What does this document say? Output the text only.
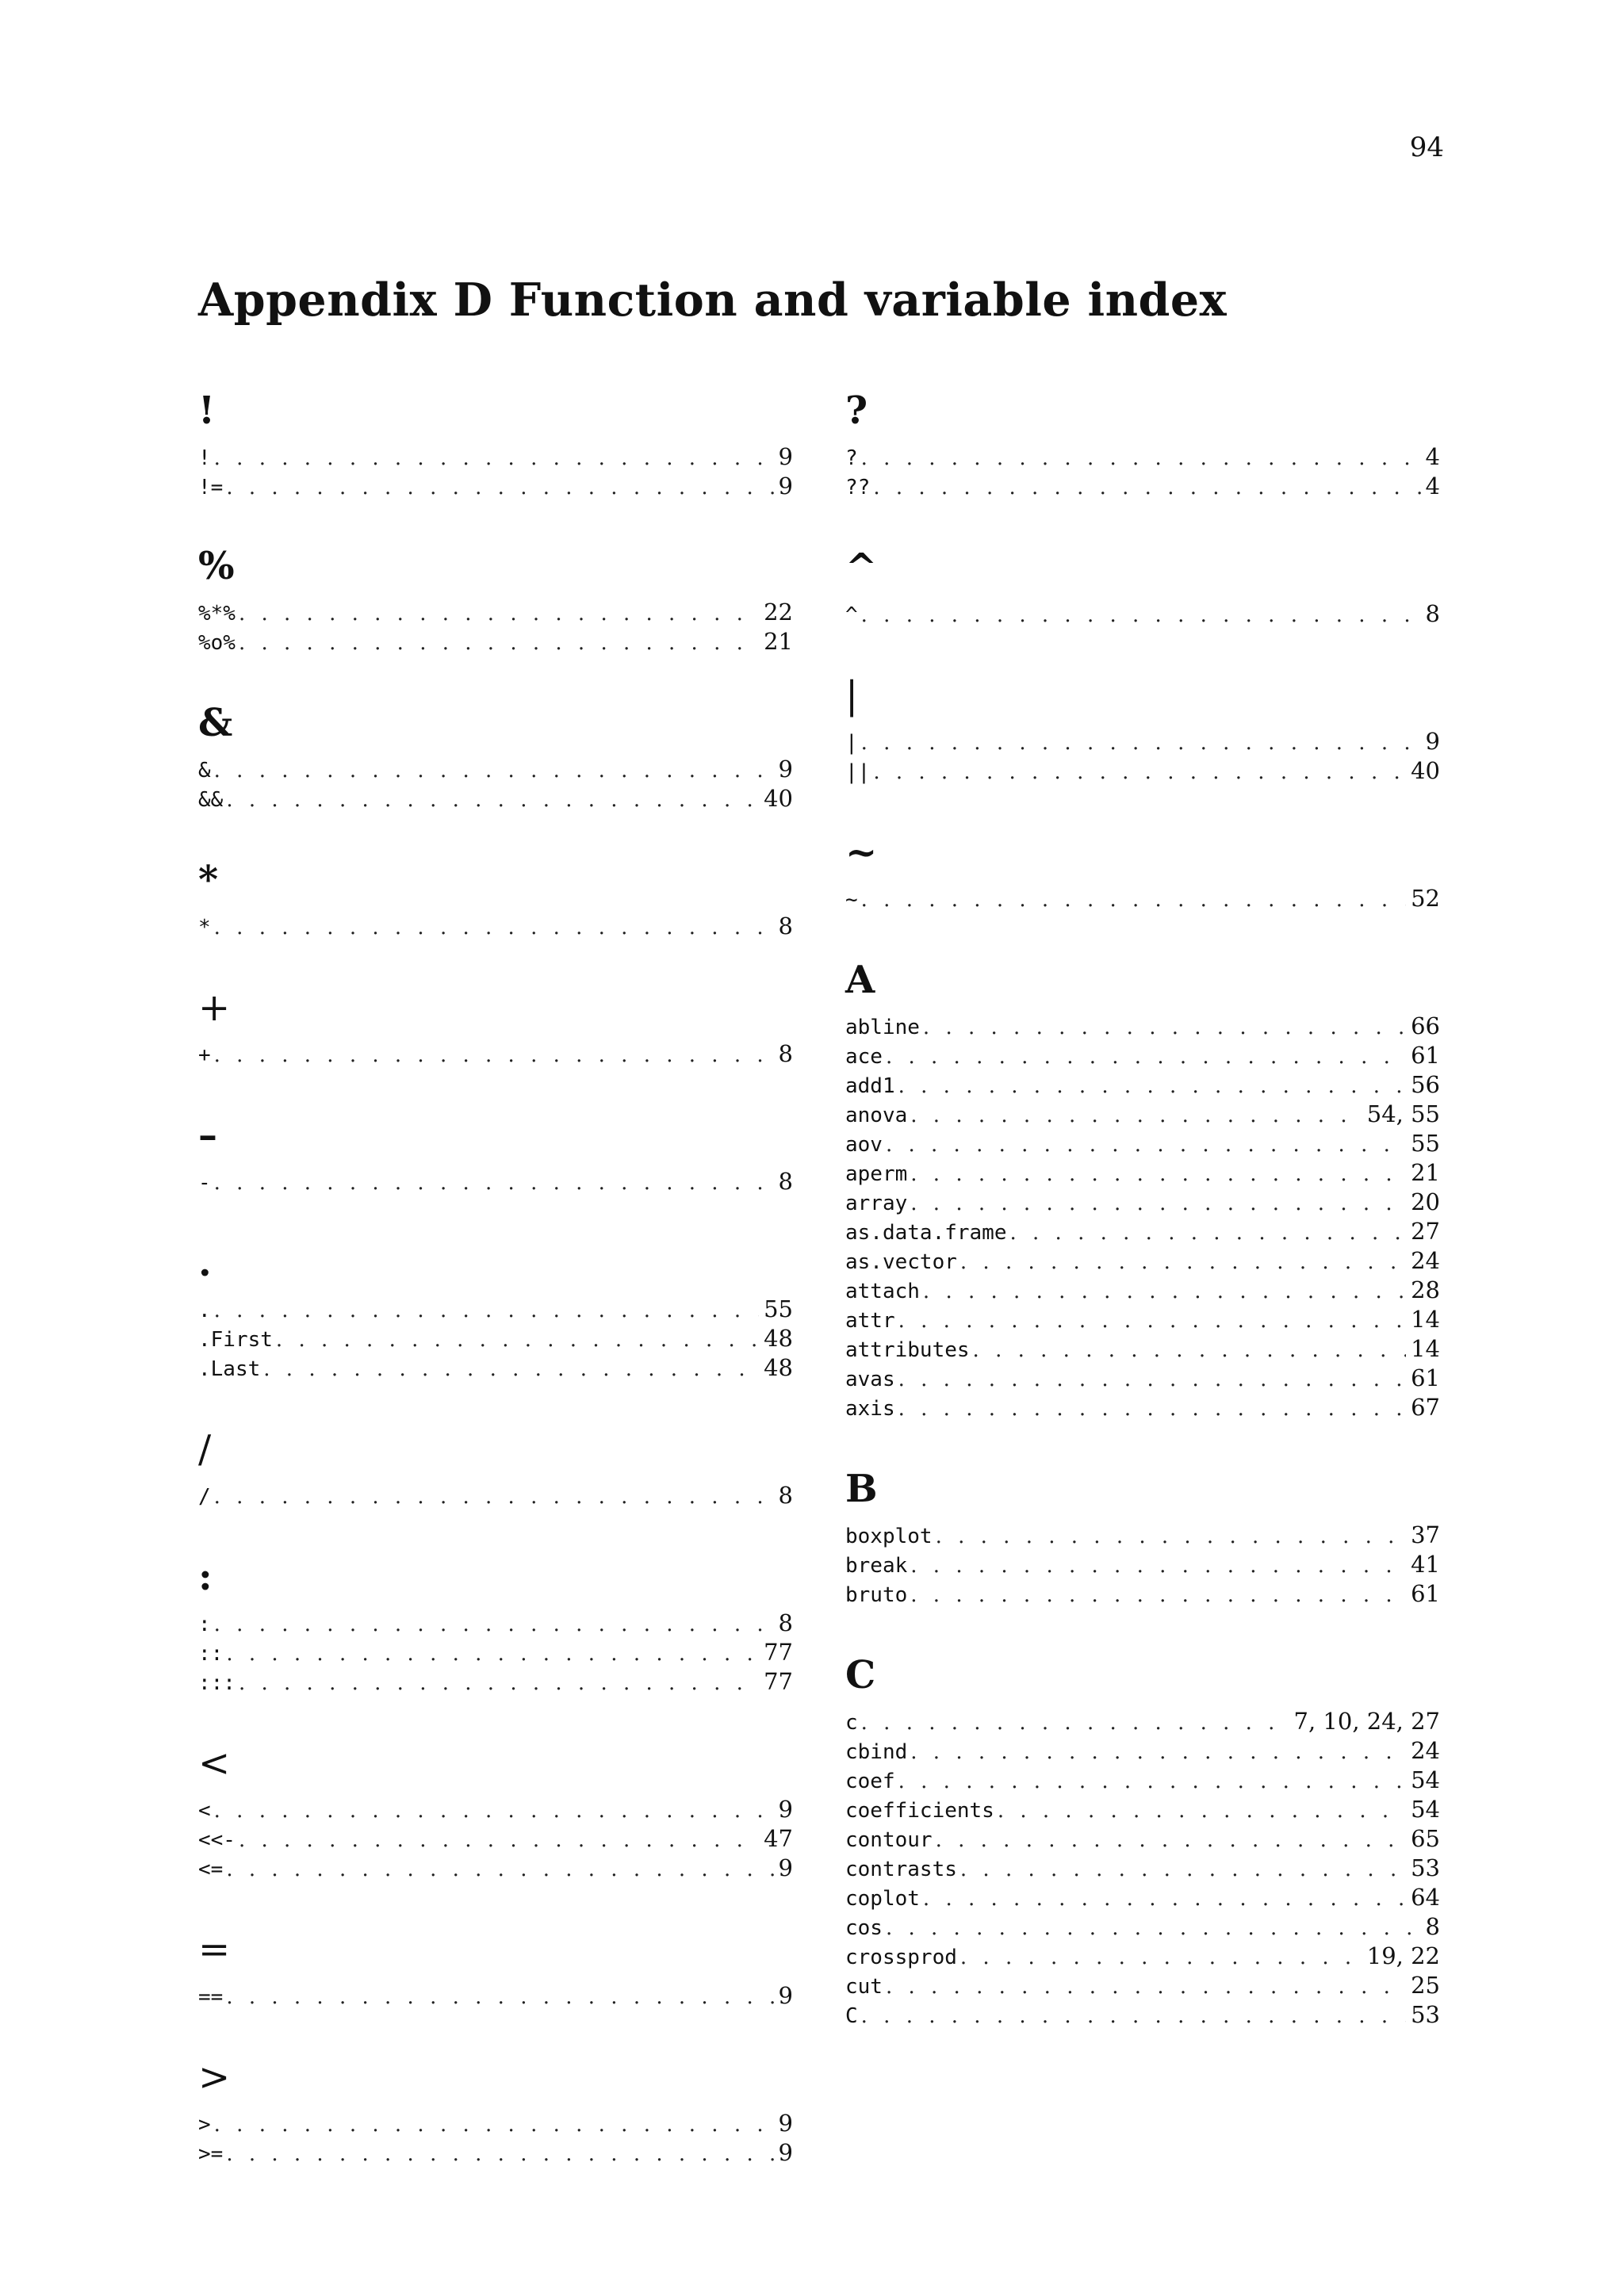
94
Appendix D Function and variable index
!
! . . .	9
!= . . .	9
%
%*% . . .	22
%o% . . .	21
&
& . . .	9
&& . . .	40
*
* . . .	8
+
+ . . .	8
–
- . . .	8
.
. . . .	55
.First . . .	48
.Last . . .	48
/
/ . . .	8
:
: . . .	8
:: . . .	77
::: . . .	77
<
< . . .	9
<<- . . .	47
<= . . .	9
=
== . . .	9
>
> . . .	9
>= . . .	9
?
? . . .	4
?? . . .	4
^
^ . . .	8
|
| . . .	9
|| . . .	40
~
~ . . .	52
A
abline . . .	66
ace . . .	61
add1 . . .	56
anova . . .	54, 55
aov . . .	55
aperm . . .	21
array . . .	20
as.data.frame . . .	27
as.vector . . .	24
attach . . .	28
attr . . .	14
attributes . . .	14
avas . . .	61
axis . . .	67
B
boxplot . . .	37
break . . .	41
bruto . . .	61
C
c . . .	7, 10, 24, 27
cbind . . .	24
coef . . .	54
coefficients . . .	54
contour . . .	65
contrasts . . .	53
coplot . . .	64
cos . . .	8
crossprod . . .	19, 22
cut . . .	25
C . . .	53
